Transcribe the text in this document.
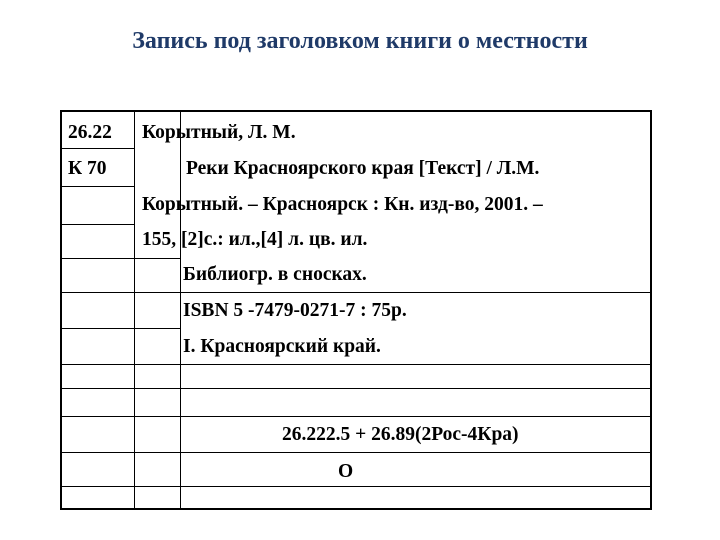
Запись под заголовком книги о местности
26.22
К 70
Корытный, Л. М.
Реки Красноярского края [Текст] / Л.М.
Корытный. – Красноярск : Кн. изд-во, 2001. –
155, [2]с.: ил.,[4] л. цв. ил.
Библиогр. в сносках.
ISBN 5 -7479-0271-7 : 75р.
I. Красноярский край.
26.222.5 + 26.89(2Рос-4Кра)
О
